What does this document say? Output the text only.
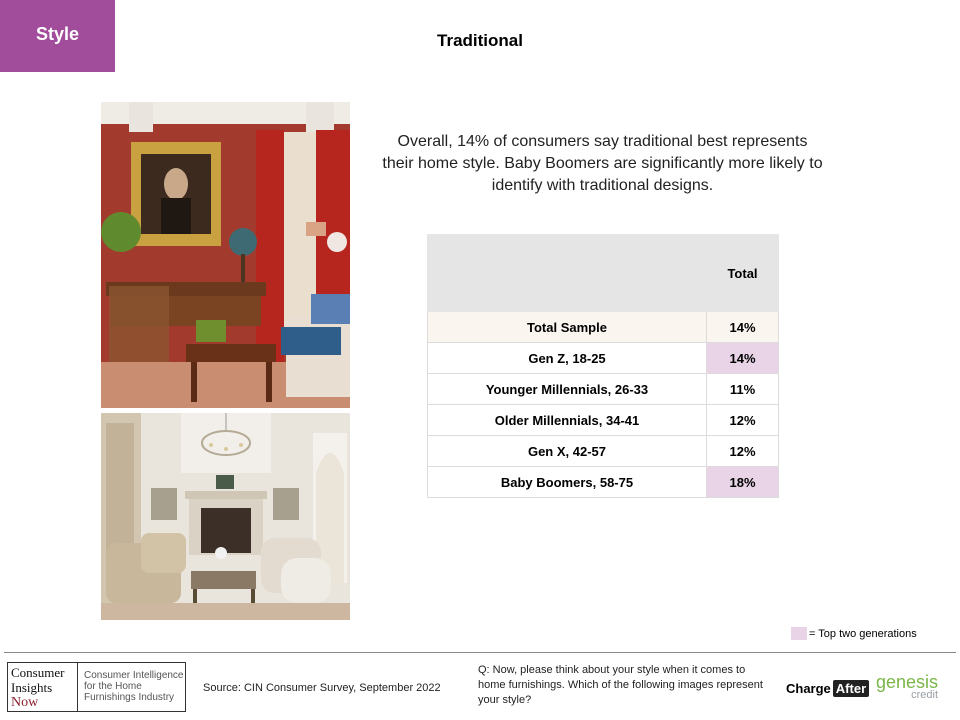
Style	Traditional
Overall, 14% of consumers say traditional best represents their home style. Baby Boomers are significantly more likely to identify with traditional designs.
	Total
Total Sample	14%
Gen Z, 18-25	14%
Younger Millennials, 26-33	11%
Older Millennials, 34-41	12%
Gen X, 42-57	12%
Baby Boomers, 58-75	18%
= Top two generations
Consumer
Insights
Now
Consumer Intelligence for the Home Furnishings Industry
Source: CIN Consumer Survey, September 2022
Q: Now, please think about your style when it comes to home furnishings. Which of the following images represent your style?
Charge After genesis
credit
